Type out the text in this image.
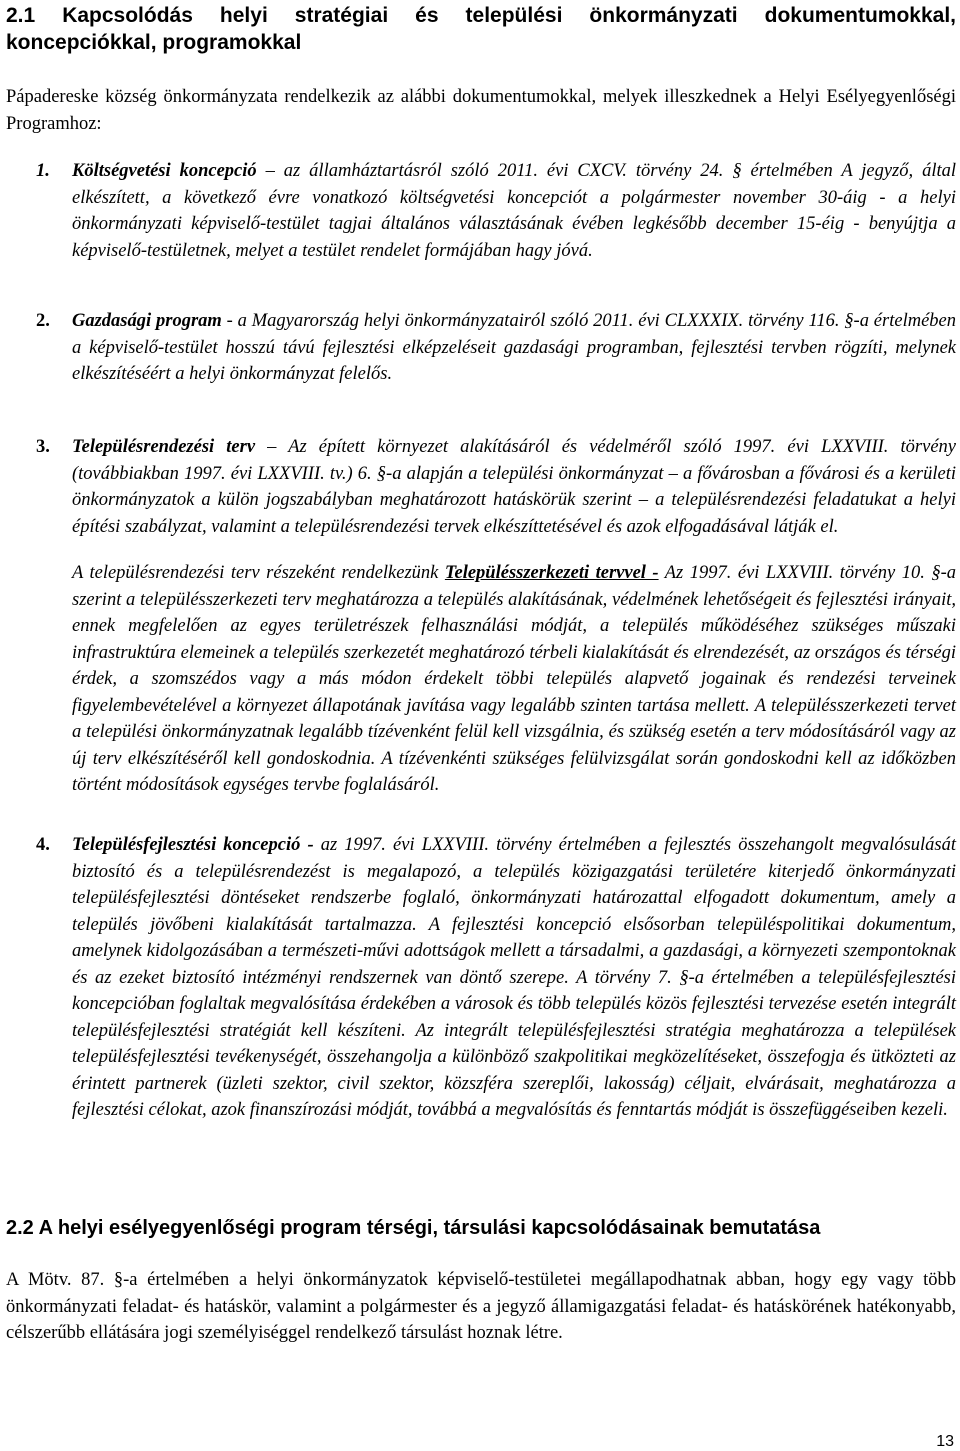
2.1 Kapcsolódás helyi stratégiai és települési önkormányzati dokumentumokkal, koncepciókkal, programokkal
Pápadereske község önkormányzata rendelkezik az alábbi dokumentumokkal, melyek illeszkednek a Helyi Esélyegyenlőségi Programhoz:
1. Költségvetési koncepció – az államháztartásról szóló 2011. évi CXCV. törvény 24. § értelmében A jegyző, által elkészített, a következő évre vonatkozó költségvetési koncepciót a polgármester november 30-áig - a helyi önkormányzati képviselő-testület tagjai általános választásának évében legkésőbb december 15-éig - benyújtja a képviselő-testületnek, melyet a testület rendelet formájában hagy jóvá.
2. Gazdasági program - a Magyarország helyi önkormányzatairól szóló 2011. évi CLXXXIX. törvény 116. §-a értelmében a képviselő-testület hosszú távú fejlesztési elképzeléseit gazdasági programban, fejlesztési tervben rögzíti, melynek elkészítéséért a helyi önkormányzat felelős.
3. Településrendezési terv – Az épített környezet alakításáról és védelméről szóló 1997. évi LXXVIII. törvény (továbbiakban 1997. évi LXXVIII. tv.) 6. §-a alapján a települési önkormányzat – a fővárosban a fővárosi és a kerületi önkormányzatok a külön jogszabályban meghatározott hatáskörük szerint – a településrendezési feladatukat a helyi építési szabályzat, valamint a településrendezési tervek elkészíttetésével és azok elfogadásával látják el.
A településrendezési terv részeként rendelkezünk Településszerkezeti tervvel - Az 1997. évi LXXVIII. törvény 10. §-a szerint a településszerkezeti terv meghatározza a település alakításának, védelmének lehetőségeit és fejlesztési irányait, ennek megfelelően az egyes területrészek felhasználási módját, a település működéséhez szükséges műszaki infrastruktúra elemeinek a település szerkezetét meghatározó térbeli kialakítását és elrendezését, az országos és térségi érdek, a szomszédos vagy a más módon érdekelt többi település alapvető jogainak és rendezési terveinek figyelembevételével a környezet állapotának javítása vagy legalább szinten tartása mellett. A településszerkezeti tervet a települési önkormányzatnak legalább tízévenként felül kell vizsgálnia, és szükség esetén a terv módosításáról vagy az új terv elkészítéséről kell gondoskodnia. A tízévenkénti szükséges felülvizsgálat során gondoskodni kell az időközben történt módosítások egységes tervbe foglalásáról.
4. Településfejlesztési koncepció - az 1997. évi LXXVIII. törvény értelmében a fejlesztés összehangolt megvalósulását biztosító és a településrendezést is megalapozó, a település közigazgatási területére kiterjedő önkormányzati településfejlesztési döntéseket rendszerbe foglaló, önkormányzati határozattal elfogadott dokumentum, amely a település jövőbeni kialakítását tartalmazza. A fejlesztési koncepció elsősorban településpolitikai dokumentum, amelynek kidolgozásában a természeti-művi adottságok mellett a társadalmi, a gazdasági, a környezeti szempontoknak és az ezeket biztosító intézményi rendszernek van döntő szerepe. A törvény 7. §-a értelmében a településfejlesztési koncepcióban foglaltak megvalósítása érdekében a városok és több település közös fejlesztési tervezése esetén integrált településfejlesztési stratégiát kell készíteni. Az integrált településfejlesztési stratégia meghatározza a települések településfejlesztési tevékenységét, összehangolja a különböző szakpolitikai megközelítéseket, összefogja és ütközteti az érintett partnerek (üzleti szektor, civil szektor, közszféra szereplői, lakosság) céljait, elvárásait, meghatározza a fejlesztési célokat, azok finanszírozási módját, továbbá a megvalósítás és fenntartás módját is összefüggéseiben kezeli.
2.2 A helyi esélyegyenlőségi program térségi, társulási kapcsolódásainak bemutatása
A Mötv. 87. §-a értelmében a helyi önkormányzatok képviselő-testületei megállapodhatnak abban, hogy egy vagy több önkormányzati feladat- és hatáskör, valamint a polgármester és a jegyző államigazgatási feladat- és hatáskörének hatékonyabb, célszerűbb ellátására jogi személyiséggel rendelkező társulást hoznak létre.
13
